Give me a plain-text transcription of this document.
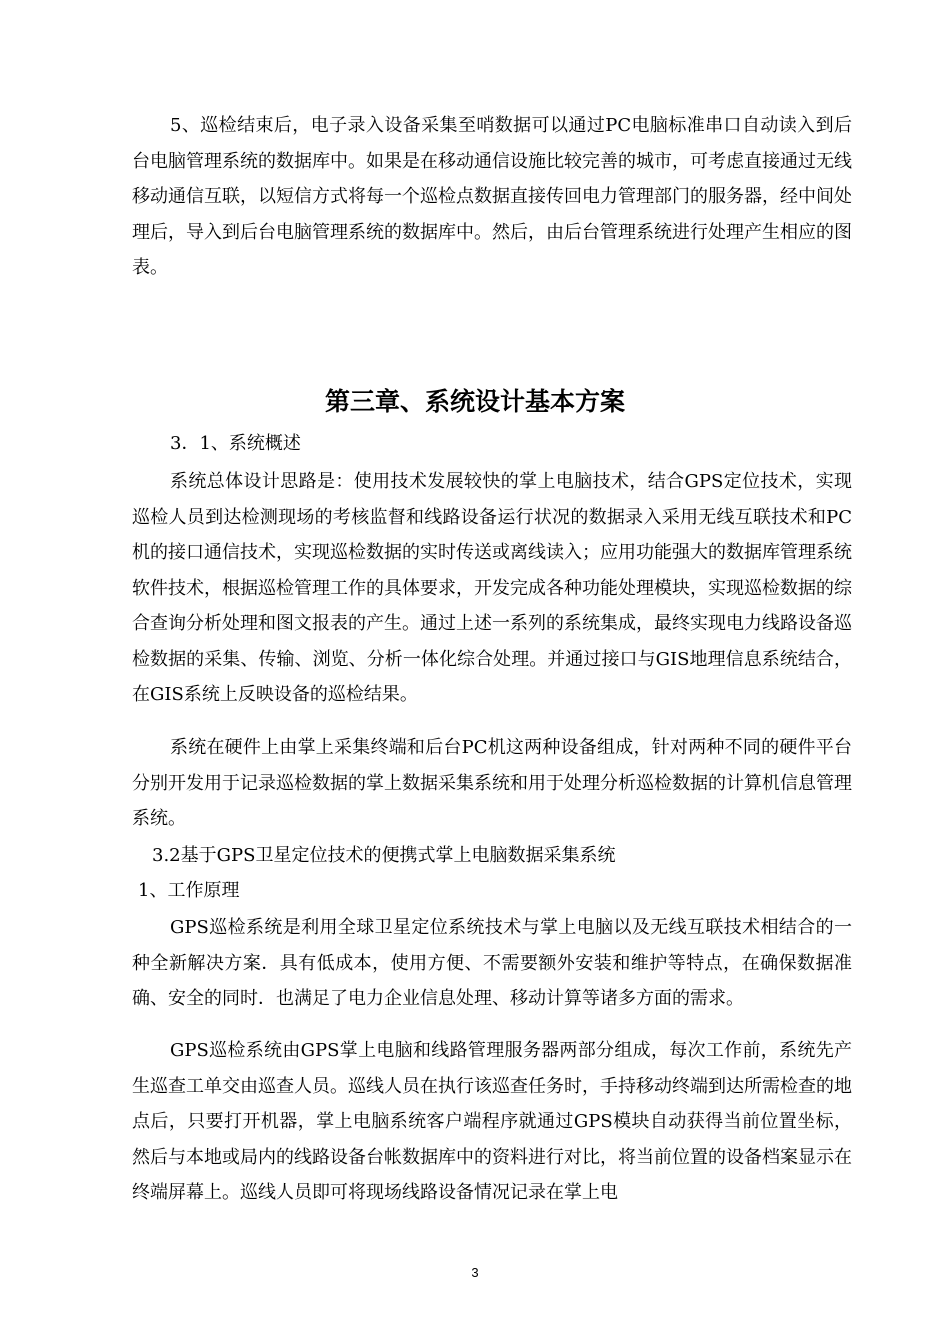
5、巡检结束后，电子录入设备采集至哨数据可以通过PC电脑标准串口自动读入到后台电脑管理系统的数据库中。如果是在移动通信设施比较完善的城市，可考虑直接通过无线移动通信互联，以短信方式将每一个巡检点数据直接传回电力管理部门的服务器，经中间处理后，导入到后台电脑管理系统的数据库中。然后，由后台管理系统进行处理产生相应的图表。

第三章、系统设计基本方案

3．1、系统概述

系统总体设计思路是：使用技术发展较快的掌上电脑技术，结合GPS定位技术，实现巡检人员到达检测现场的考核监督和线路设备运行状况的数据录入采用无线互联技术和PC机的接口通信技术，实现巡检数据的实时传送或离线读入；应用功能强大的数据库管理系统软件技术，根据巡检管理工作的具体要求，开发完成各种功能处理模块，实现巡检数据的综合查询分析处理和图文报表的产生。通过上述一系列的系统集成，最终实现电力线路设备巡检数据的采集、传输、浏览、分析一体化综合处理。并通过接口与GIS地理信息系统结合，在GIS系统上反映设备的巡检结果。

系统在硬件上由掌上采集终端和后台PC机这两种设备组成，针对两种不同的硬件平台分别开发用于记录巡检数据的掌上数据采集系统和用于处理分析巡检数据的计算机信息管理系统。

3.2基于GPS卫星定位技术的便携式掌上电脑数据采集系统

1、工作原理

GPS巡检系统是利用全球卫星定位系统技术与掌上电脑以及无线互联技术相结合的一种全新解决方案．具有低成本，使用方便、不需要额外安装和维护等特点，在确保数据准确、安全的同时．也满足了电力企业信息处理、移动计算等诸多方面的需求。

GPS巡检系统由GPS掌上电脑和线路管理服务器两部分组成，每次工作前，系统先产生巡查工单交由巡查人员。巡线人员在执行该巡查任务时，手持移动终端到达所需检查的地点后，只要打开机器，掌上电脑系统客户端程序就通过GPS模块自动获得当前位置坐标，然后与本地或局内的线路设备台帐数据库中的资料进行对比，将当前位置的设备档案显示在终端屏幕上。巡线人员即可将现场线路设备情况记录在掌上电

3
